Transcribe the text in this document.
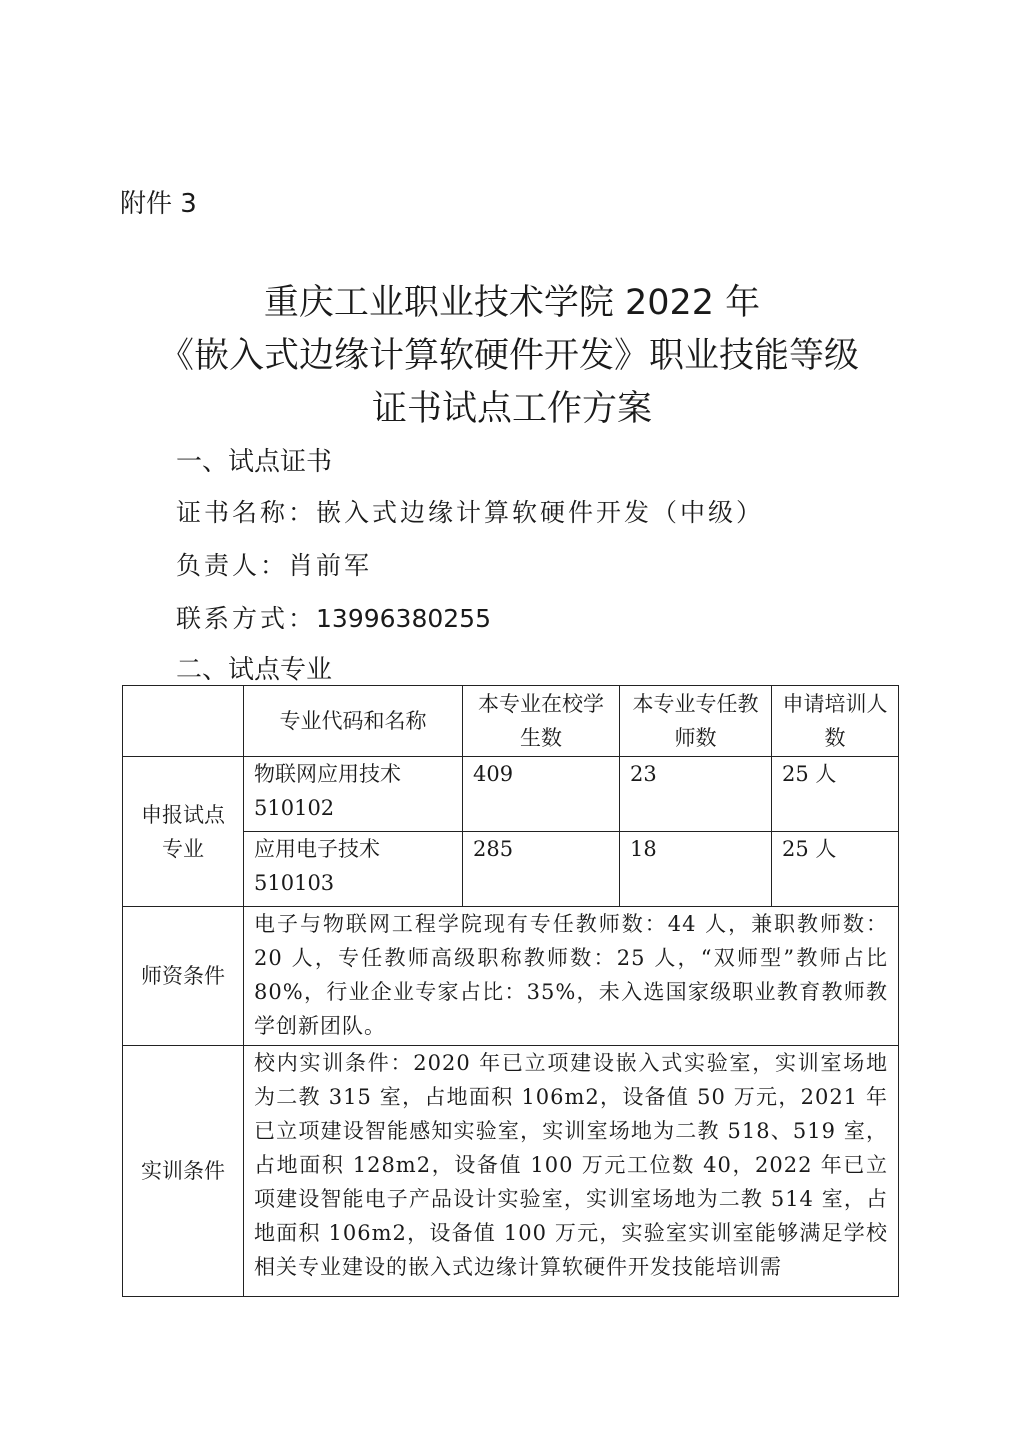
附件 3
重庆工业职业技术学院 2022 年
《嵌入式边缘计算软硬件开发》职业技能等级
证书试点工作方案
一、试点证书
证书名称：嵌入式边缘计算软硬件开发（中级）
负责人：肖前军
联系方式：13996380255
二、试点专业
	专业代码和名称	本专业在校学生数	本专业专任教师数	申请培训人数
申报试点专业	物联网应用技术 510102	409	23	25 人
	应用电子技术 510103	285	18	25 人
师资条件	电子与物联网工程学院现有专任教师数：44 人，兼职教师数：20 人，专任教师高级职称教师数：25 人，“双师型”教师占比 80%，行业企业专家占比：35%，未入选国家级职业教育教师教学创新团队。			
实训条件	校内实训条件：2020 年已立项建设嵌入式实验室，实训室场地为二教 315 室，占地面积 106m2，设备值 50 万元，2021 年已立项建设智能感知实验室，实训室场地为二教 518、519 室，占地面积 128m2，设备值 100 万元工位数 40，2022 年已立项建设智能电子产品设计实验室，实训室场地为二教 514 室，占地面积 106m2，设备值 100 万元，实验室实训室能够满足学校相关专业建设的嵌入式边缘计算软硬件开发技能培训需			
